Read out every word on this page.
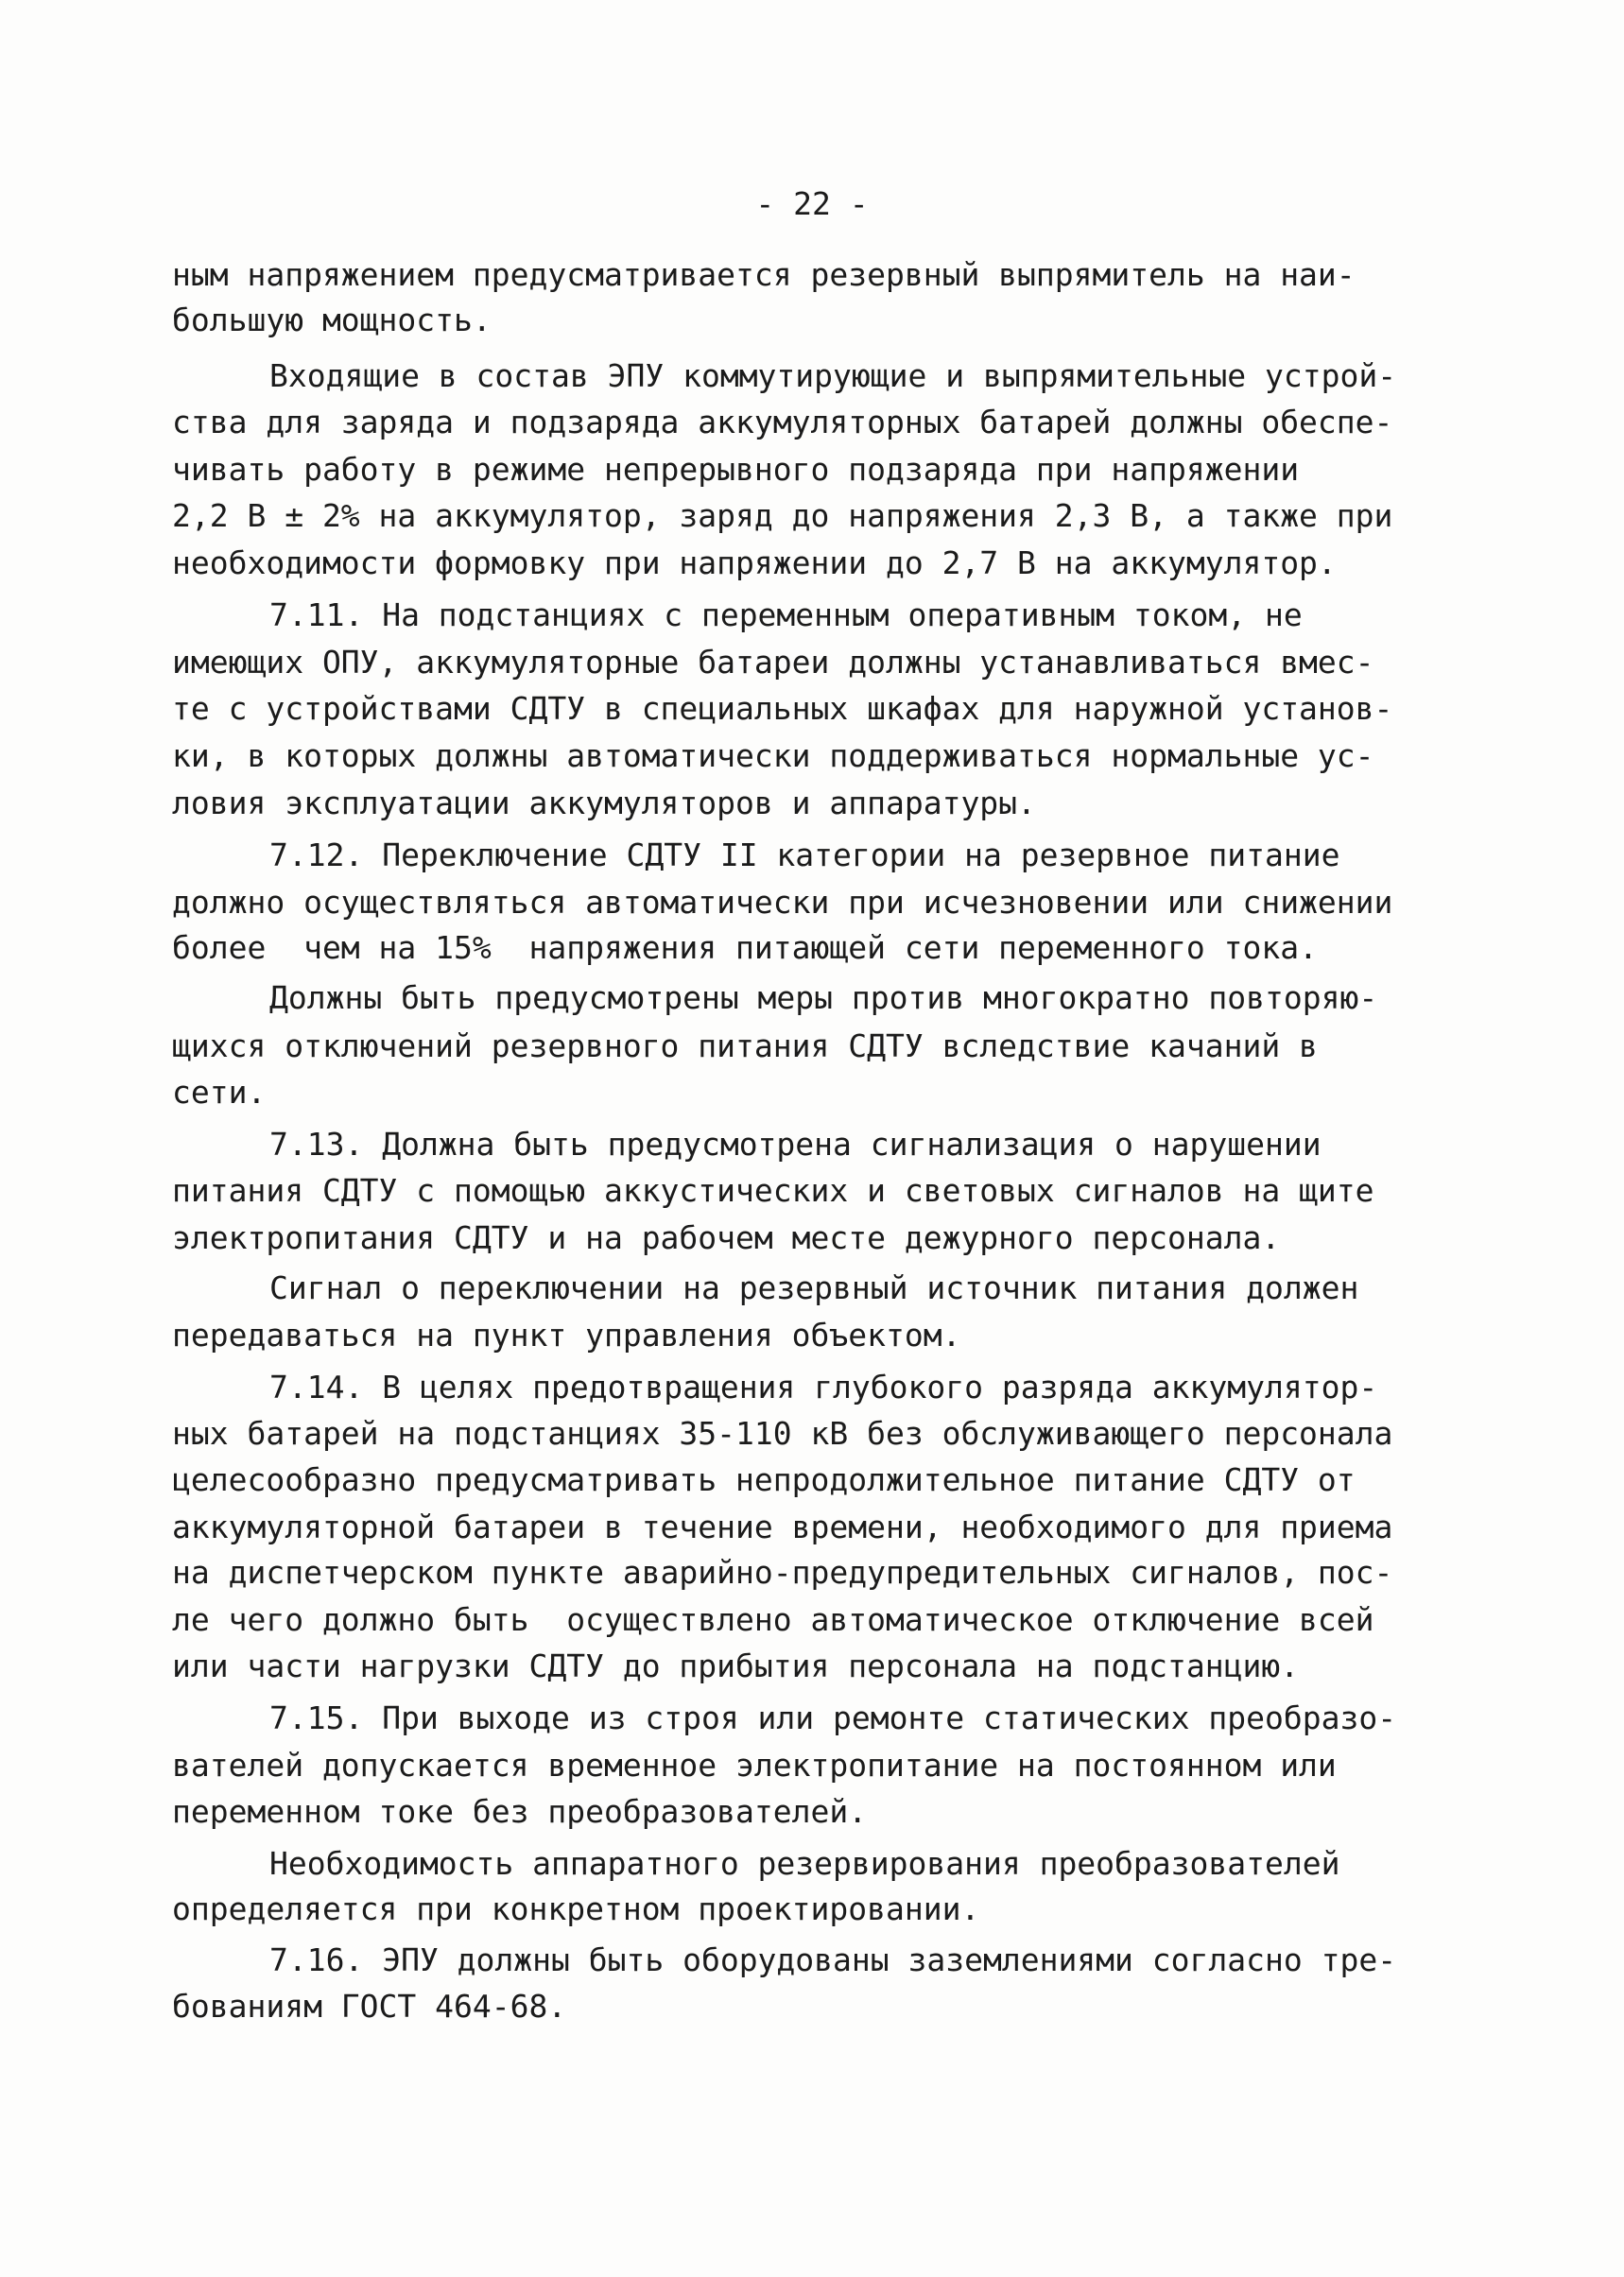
- 22 -
ным напряжением предусматривается резервный выпрямитель на наи-
большую мощность.
Входящие в состав ЭПУ коммутирующие и выпрямительные устрой-
ства для заряда и подзаряда аккумуляторных батарей должны обеспе-
чивать работу в режиме непрерывного подзаряда при напряжении
2,2 В ± 2% на аккумулятор, заряд до напряжения 2,3 В, а также при
необходимости формовку при напряжении до 2,7 В на аккумулятор.
7.11. На подстанциях с переменным оперативным током, не
имеющих ОПУ, аккумуляторные батареи должны устанавливаться вмес-
те с устройствами СДТУ в специальных шкафах для наружной установ-
ки, в которых должны автоматически поддерживаться нормальные ус-
ловия эксплуатации аккумуляторов и аппаратуры.
7.12. Переключение СДТУ II категории на резервное питание
должно осуществляться автоматически при исчезновении или снижении
более  чем на 15%  напряжения питающей сети переменного тока.
Должны быть предусмотрены меры против многократно повторяю-
щихся отключений резервного питания СДТУ вследствие качаний в
сети.
7.13. Должна быть предусмотрена сигнализация о нарушении
питания СДТУ с помощью аккустических и световых сигналов на щите
электропитания СДТУ и на рабочем месте дежурного персонала.
Сигнал о переключении на резервный источник питания должен
передаваться на пункт управления объектом.
7.14. В целях предотвращения глубокого разряда аккумулятор-
ных батарей на подстанциях 35-110 кВ без обслуживающего персонала
целесообразно предусматривать непродолжительное питание СДТУ от
аккумуляторной батареи в течение времени, необходимого для приема
на диспетчерском пункте аварийно-предупредительных сигналов, пос-
ле чего должно быть  осуществлено автоматическое отключение всей
или части нагрузки СДТУ до прибытия персонала на подстанцию.
7.15. При выходе из строя или ремонте статических преобразо-
вателей допускается временное электропитание на постоянном или
переменном токе без преобразователей.
Необходимость аппаратного резервирования преобразователей
определяется при конкретном проектировании.
7.16. ЭПУ должны быть оборудованы заземлениями согласно тре-
бованиям ГОСТ 464-68.
